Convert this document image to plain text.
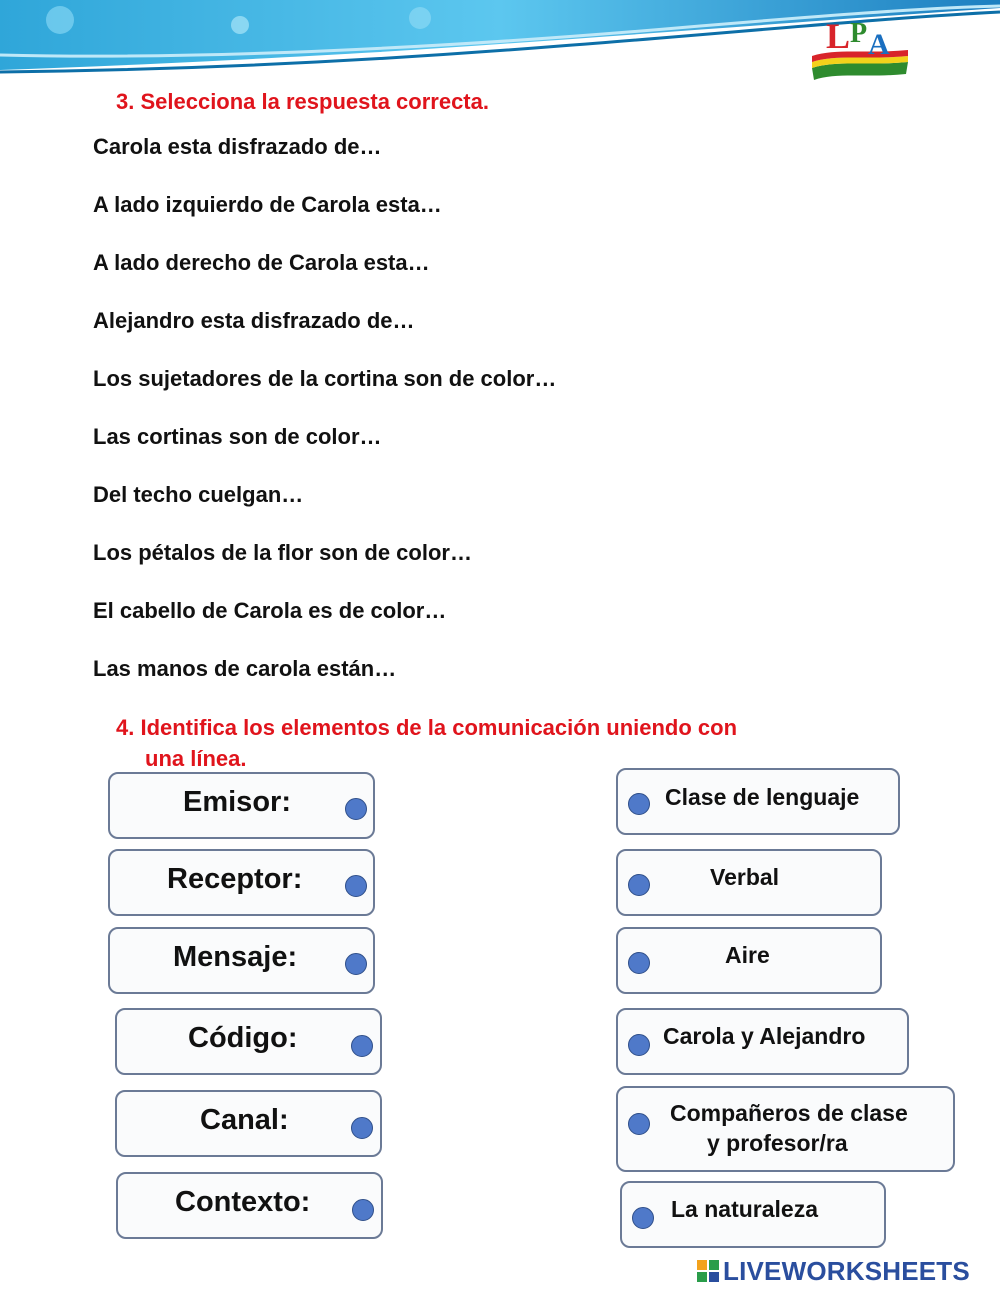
L P A
3. Selecciona la respuesta correcta.
Carola esta disfrazado de…
A lado izquierdo de Carola esta…
A lado derecho de Carola esta…
Alejandro esta disfrazado de…
Los sujetadores de la cortina son de color…
Las cortinas son de color…
Del techo cuelgan…
Los pétalos de la flor son de color…
El cabello de Carola es de color…
Las manos de carola están…
4. Identifica los elementos de la comunicación uniendo con
una línea.
Emisor:
Receptor:
Mensaje:
Código:
Canal:
Contexto:
Clase de lenguaje
Verbal
Aire
Carola y Alejandro
Compañeros de clase
y profesor/ra
La naturaleza
LIVEWORKSHEETS
